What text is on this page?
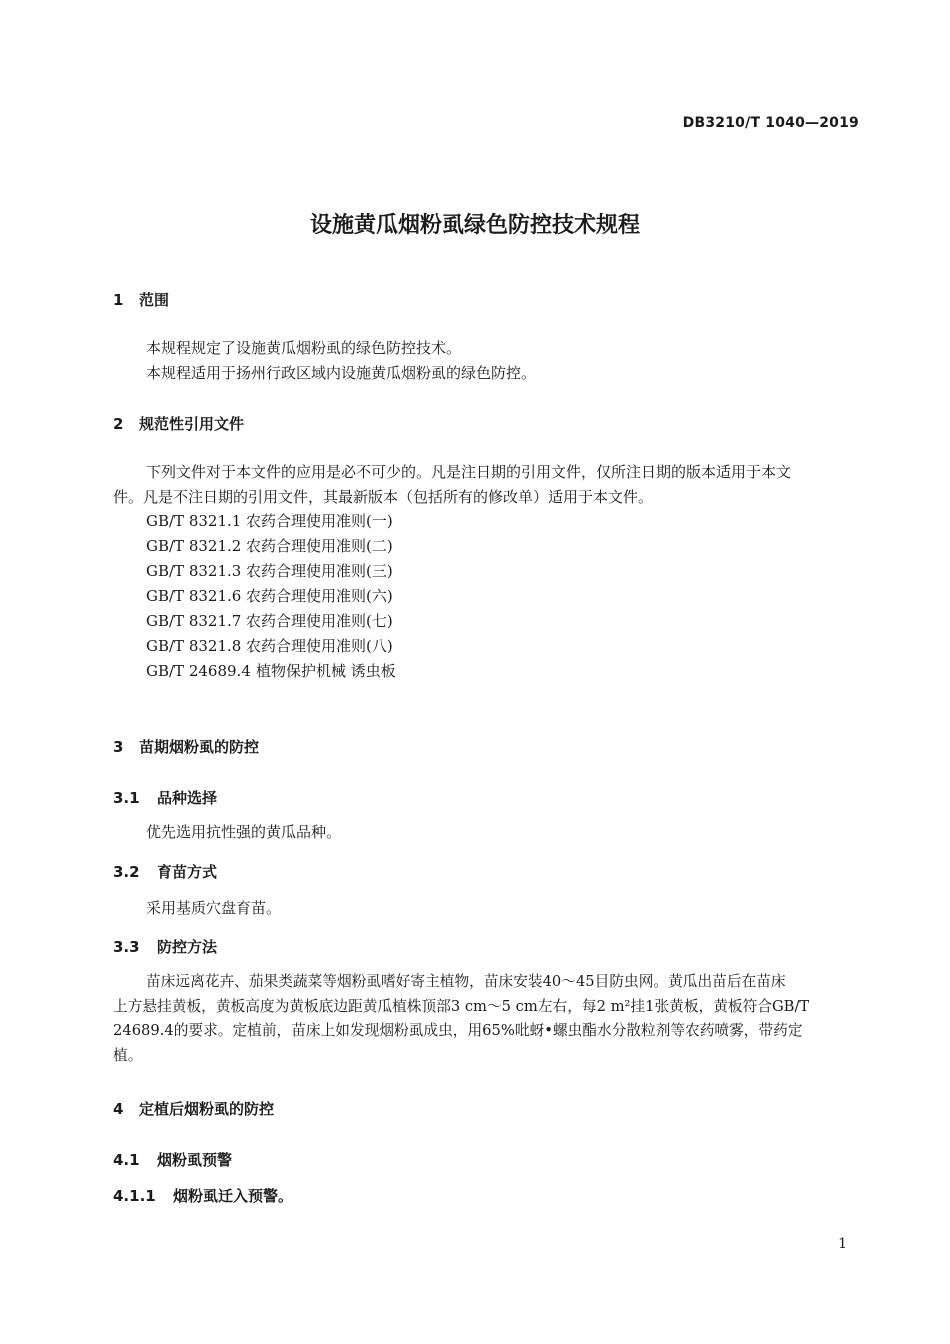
DB3210/T 1040—2019
设施黄瓜烟粉虱绿色防控技术规程
1 范围
本规程规定了设施黄瓜烟粉虱的绿色防控技术。
本规程适用于扬州行政区域内设施黄瓜烟粉虱的绿色防控。
2 规范性引用文件
下列文件对于本文件的应用是必不可少的。凡是注日期的引用文件，仅所注日期的版本适用于本文
件。凡是不注日期的引用文件，其最新版本（包括所有的修改单）适用于本文件。
GB/T 8321.1 农药合理使用准则(一)
GB/T 8321.2 农药合理使用准则(二)
GB/T 8321.3 农药合理使用准则(三)
GB/T 8321.6 农药合理使用准则(六)
GB/T 8321.7 农药合理使用准则(七)
GB/T 8321.8 农药合理使用准则(八)
GB/T 24689.4 植物保护机械 诱虫板
3 苗期烟粉虱的防控
3.1 品种选择
优先选用抗性强的黄瓜品种。
3.2 育苗方式
采用基质穴盘育苗。
3.3 防控方法
苗床远离花卉、茄果类蔬菜等烟粉虱嗜好寄主植物，苗床安装40～45目防虫网。黄瓜出苗后在苗床
上方悬挂黄板，黄板高度为黄板底边距黄瓜植株顶部3 cm～5 cm左右，每2 m²挂1张黄板，黄板符合GB/T
24689.4的要求。定植前，苗床上如发现烟粉虱成虫，用65%吡蚜•螺虫酯水分散粒剂等农药喷雾，带药定
植。
4 定植后烟粉虱的防控
4.1 烟粉虱预警
4.1.1 烟粉虱迁入预警。
1
